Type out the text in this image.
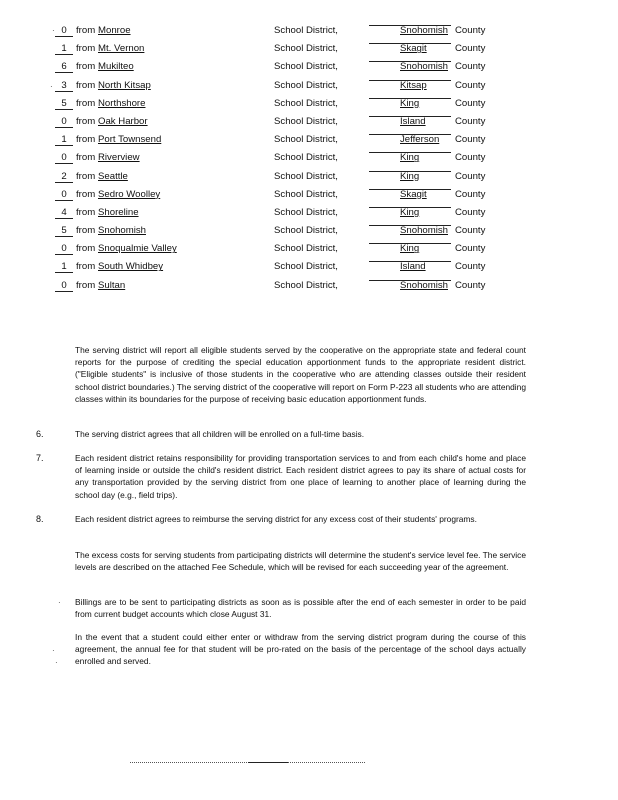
0 from Monroe	School District,	Snohomish County
1 from Mt. Vernon	School District,	Skagit	County
6 from Mukilteo	School District,	Snohomish County
3 from North Kitsap	School District,	Kitsap	County
5 from Northshore	School District,	King	County
0 from Oak Harbor	School District,	Island	County
1 from Port Townsend	School District,	Jefferson County
0 from Riverview	School District,	King	County
2 from Seattle	School District,	King	County
0 from Sedro Woolley	School District,	Skagit	County
4 from Shoreline	School District,	King	County
5 from Snohomish	School District,	Snohomish County
0 from Snoqualmie Valley	School District,	King	County
1 from South Whidbey	School District,	Island	County
0 from Sultan	School District,	Snohomish County

The serving district will report all eligible students served by the cooperative on the appropriate state and federal count reports for the purpose of crediting the special education apportionment funds to the appropriate resident district. ("Eligible students" is inclusive of those students in the cooperative who are attending classes outside their resident school district boundaries.) The serving district of the cooperative will report on Form P-223 all students who are attending classes within its boundaries for the purpose of receiving basic education apportionment funds.

6.	The serving district agrees that all children will be enrolled on a full-time basis.

7.	Each resident district retains responsibility for providing transportation services to and from each child's home and place of learning inside or outside the child's resident district. Each resident district agrees to pay its share of actual costs for any transportation provided by the serving district from one place of learning to another place of learning during the school day (e.g., field trips).

8.	Each resident district agrees to reimburse the serving district for any excess cost of their students' programs.

The excess costs for serving students from participating districts will determine the student's service level fee. The service levels are described on the attached Fee Schedule, which will be revised for each succeeding year of the agreement.

Billings are to be sent to participating districts as soon as is possible after the end of each semester in order to be paid from current budget accounts which close August 31.

In the event that a student could either enter or withdraw from the serving district program during the course of this agreement, the annual fee for that student will be pro-rated on the basis of the percentage of the school days actually enrolled and served.

·
·
·
·
·
